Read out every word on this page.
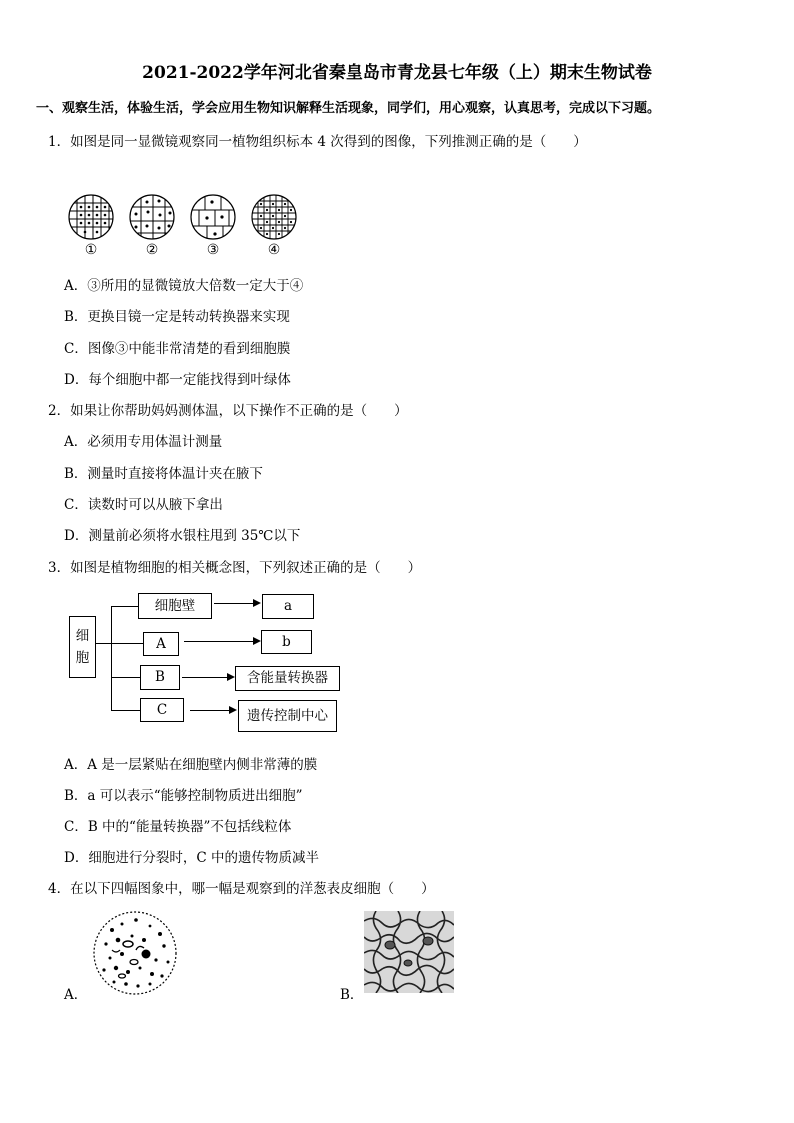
2021-2022学年河北省秦皇岛市青龙县七年级（上）期末生物试卷
一、观察生活，体验生活，学会应用生物知识解释生活现象，同学们，用心观察，认真思考，完成以下习题。
1．如图是同一显微镜观察同一植物组织标本 4 次得到的图像，下列推测正确的是（　　）
①	②	③	④
A．③所用的显微镜放大倍数一定大于④
B．更换目镜一定是转动转换器来实现
C．图像③中能非常清楚的看到细胞膜
D．每个细胞中都一定能找得到叶绿体
2．如果让你帮助妈妈测体温，以下操作不正确的是（　　）
A．必须用专用体温计测量
B．测量时直接将体温计夹在腋下
C．读数时可以从腋下拿出
D．测量前必须将水银柱甩到 35℃以下
3．如图是植物细胞的相关概念图，下列叙述正确的是（　　）
细胞
细胞壁
A
B
C
a
b
含能量转换器
遗传控制中心
A．A 是一层紧贴在细胞壁内侧非常薄的膜
B．a 可以表示“能够控制物质进出细胞”
C．B 中的“能量转换器”不包括线粒体
D．细胞进行分裂时，C 中的遗传物质减半
4．在以下四幅图象中，哪一幅是观察到的洋葱表皮细胞（　　）
A．	B．
